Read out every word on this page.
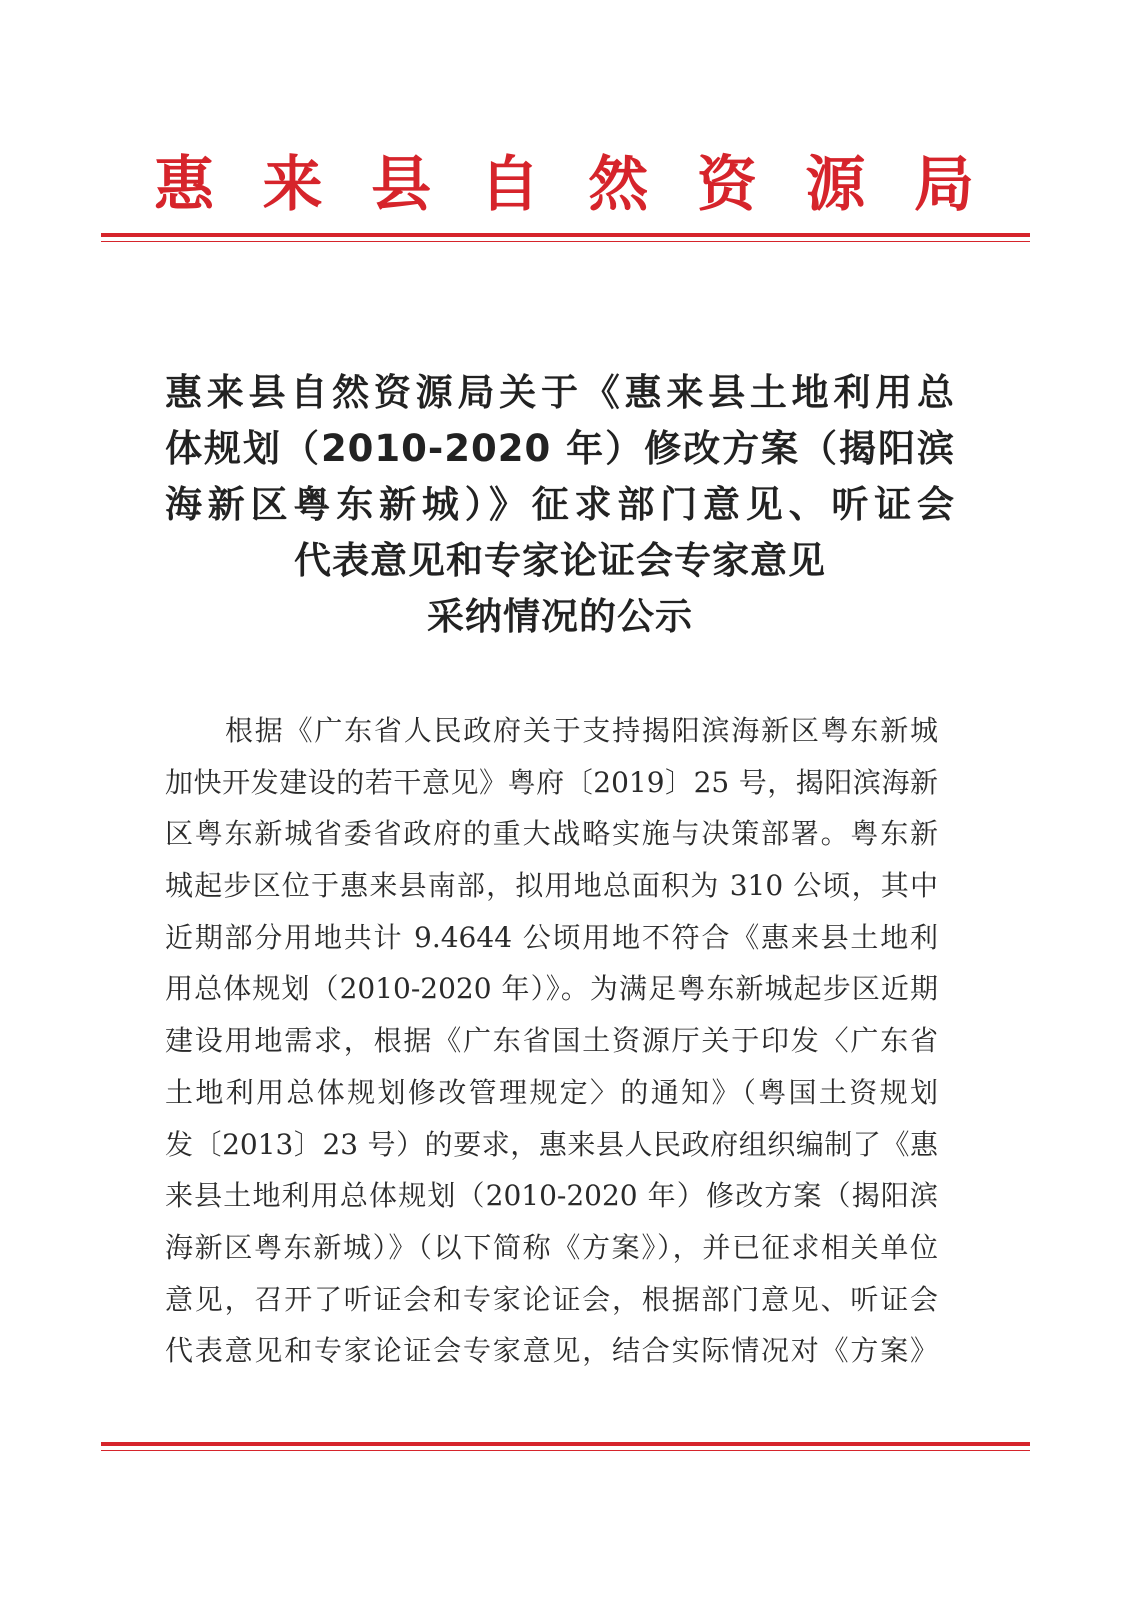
惠 来 县 自 然 资 源 局
惠来县自然资源局关于《惠来县土地利用总
体规划（2010-2020 年）修改方案（揭阳滨
海新区粤东新城）》征求部门意见、听证会
代表意见和专家论证会专家意见
采纳情况的公示
根据《广东省人民政府关于支持揭阳滨海新区粤东新城
加快开发建设的若干意见》粤府〔2019〕25 号，揭阳滨海新
区粤东新城省委省政府的重大战略实施与决策部署。粤东新
城起步区位于惠来县南部，拟用地总面积为 310 公顷，其中
近期部分用地共计 9.4644 公顷用地不符合《惠来县土地利
用总体规划（2010-2020 年）》。为满足粤东新城起步区近期
建设用地需求，根据《广东省国土资源厅关于印发〈广东省
土地利用总体规划修改管理规定〉的通知》（粤国土资规划
发〔2013〕23 号）的要求，惠来县人民政府组织编制了《惠
来县土地利用总体规划（2010-2020 年）修改方案（揭阳滨
海新区粤东新城）》（以下简称《方案》），并已征求相关单位
意见，召开了听证会和专家论证会，根据部门意见、听证会
代表意见和专家论证会专家意见，结合实际情况对《方案》
